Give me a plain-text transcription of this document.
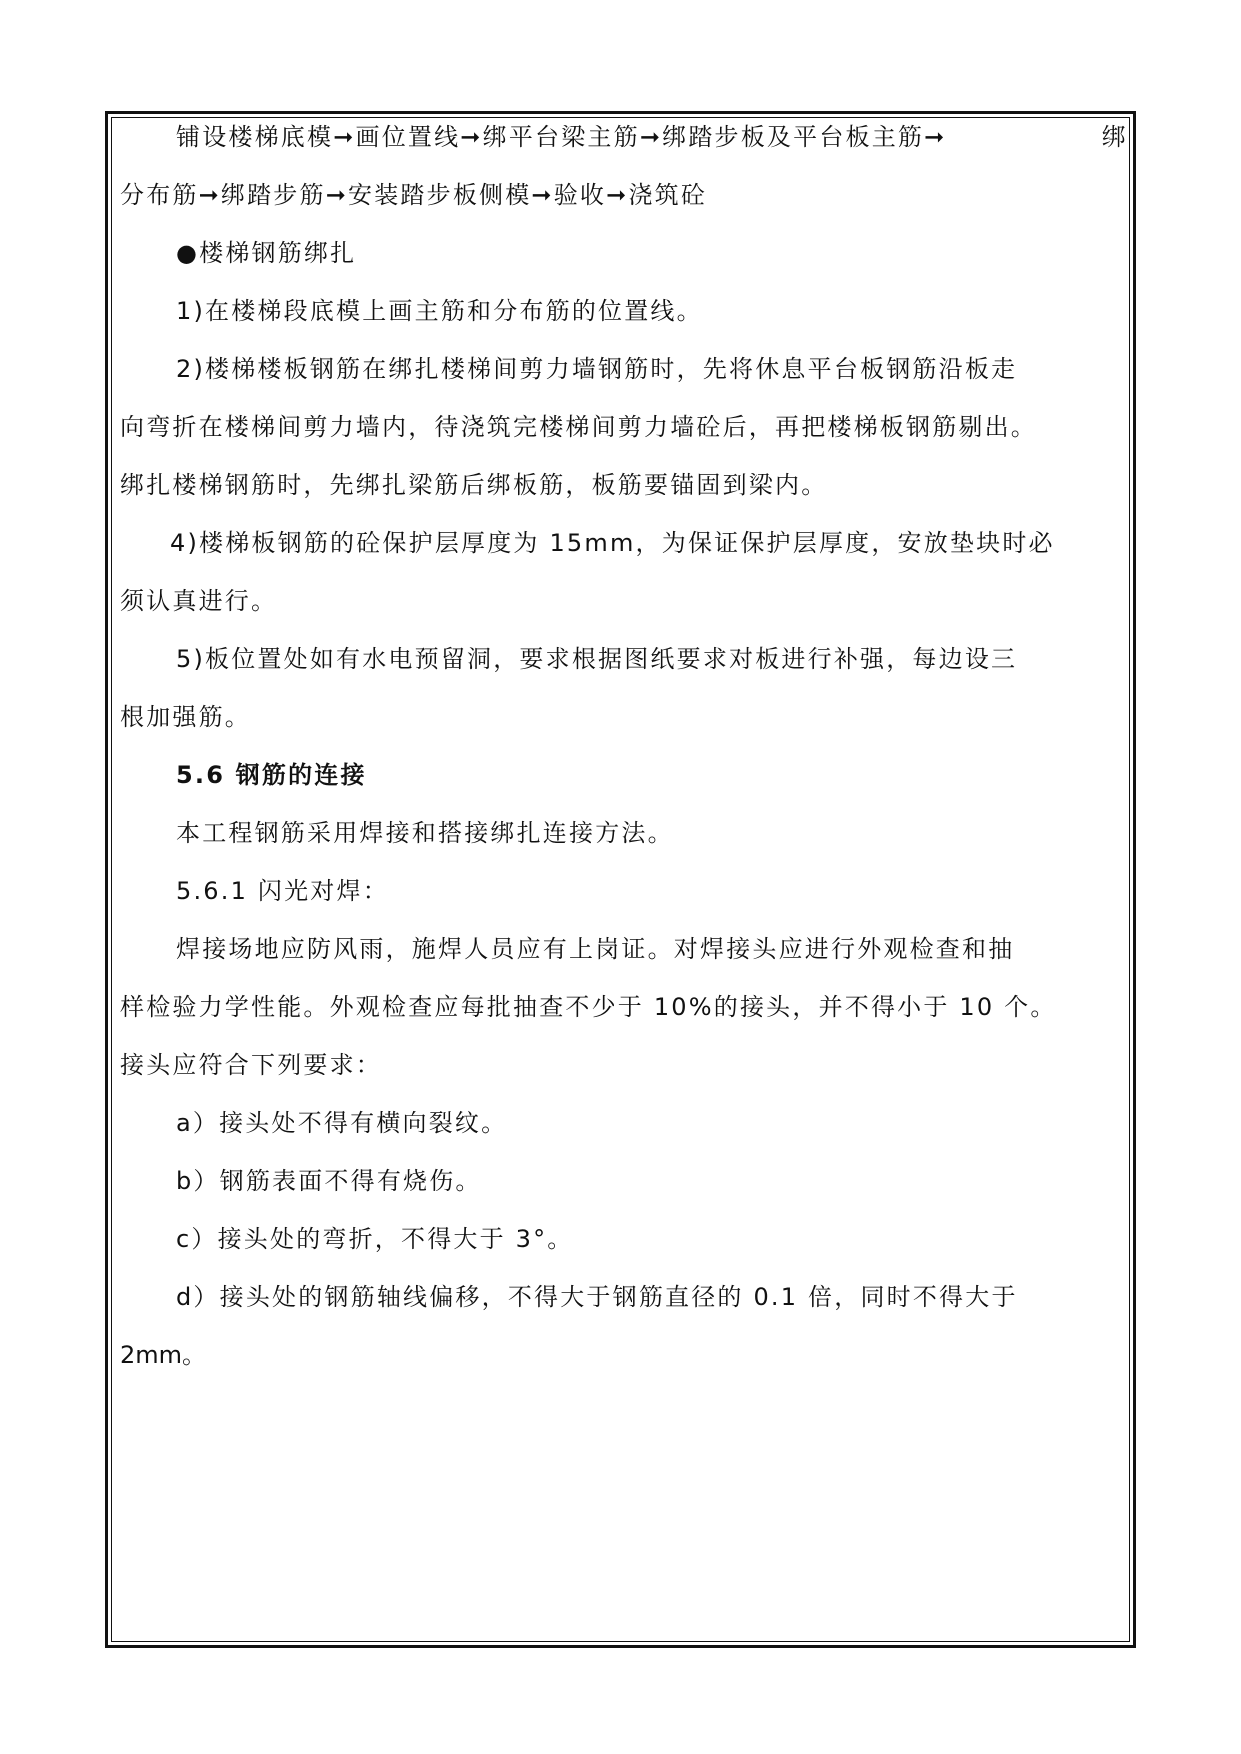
铺设楼梯底模➞画位置线➞绑平台梁主筋➞绑踏步板及平台板主筋➞	绑
分布筋➞绑踏步筋➞安装踏步板侧模➞验收➞浇筑砼
●楼梯钢筋绑扎
1)在楼梯段底模上画主筋和分布筋的位置线。
2)楼梯楼板钢筋在绑扎楼梯间剪力墙钢筋时，先将休息平台板钢筋沿板走
向弯折在楼梯间剪力墙内，待浇筑完楼梯间剪力墙砼后，再把楼梯板钢筋剔出。
绑扎楼梯钢筋时，先绑扎梁筋后绑板筋，板筋要锚固到梁内。
4)楼梯板钢筋的砼保护层厚度为 15mm，为保证保护层厚度，安放垫块时必
须认真进行。
5)板位置处如有水电预留洞，要求根据图纸要求对板进行补强，每边设三
根加强筋。
5.6 钢筋的连接
本工程钢筋采用焊接和搭接绑扎连接方法。
5.6.1 闪光对焊：
焊接场地应防风雨，施焊人员应有上岗证。对焊接头应进行外观检查和抽
样检验力学性能。外观检查应每批抽查不少于 10%的接头，并不得小于 10 个。
接头应符合下列要求：
a）接头处不得有横向裂纹。
b）钢筋表面不得有烧伤。
c）接头处的弯折，不得大于 3°。
d）接头处的钢筋轴线偏移，不得大于钢筋直径的 0.1 倍，同时不得大于
2mm。
